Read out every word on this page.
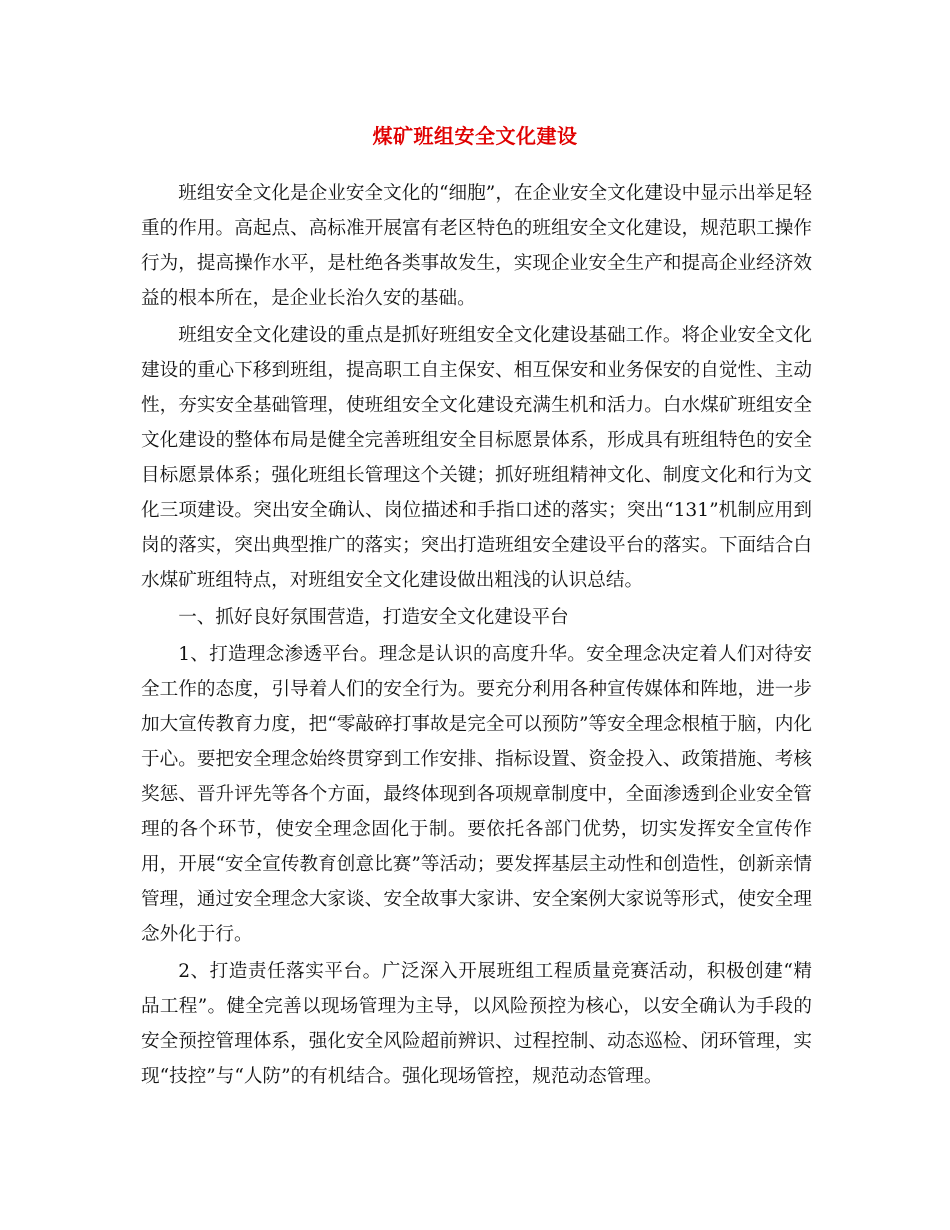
煤矿班组安全文化建设

班组安全文化是企业安全文化的“细胞”，在企业安全文化建设中显示出举足轻重的作用。高起点、高标准开展富有老区特色的班组安全文化建设，规范职工操作行为，提高操作水平，是杜绝各类事故发生，实现企业安全生产和提高企业经济效益的根本所在，是企业长治久安的基础。

班组安全文化建设的重点是抓好班组安全文化建设基础工作。将企业安全文化建设的重心下移到班组，提高职工自主保安、相互保安和业务保安的自觉性、主动性，夯实安全基础管理，使班组安全文化建设充满生机和活力。白水煤矿班组安全文化建设的整体布局是健全完善班组安全目标愿景体系，形成具有班组特色的安全目标愿景体系；强化班组长管理这个关键；抓好班组精神文化、制度文化和行为文化三项建设。突出安全确认、岗位描述和手指口述的落实；突出“131”机制应用到岗的落实，突出典型推广的落实；突出打造班组安全建设平台的落实。下面结合白水煤矿班组特点，对班组安全文化建设做出粗浅的认识总结。

一、抓好良好氛围营造，打造安全文化建设平台

1、打造理念渗透平台。理念是认识的高度升华。安全理念决定着人们对待安全工作的态度，引导着人们的安全行为。要充分利用各种宣传媒体和阵地，进一步加大宣传教育力度，把“零敲碎打事故是完全可以预防”等安全理念根植于脑，内化于心。要把安全理念始终贯穿到工作安排、指标设置、资金投入、政策措施、考核奖惩、晋升评先等各个方面，最终体现到各项规章制度中，全面渗透到企业安全管理的各个环节，使安全理念固化于制。要依托各部门优势，切实发挥安全宣传作用，开展“安全宣传教育创意比赛”等活动；要发挥基层主动性和创造性，创新亲情管理，通过安全理念大家谈、安全故事大家讲、安全案例大家说等形式，使安全理念外化于行。

2、打造责任落实平台。广泛深入开展班组工程质量竞赛活动，积极创建“精品工程”。健全完善以现场管理为主导，以风险预控为核心，以安全确认为手段的安全预控管理体系，强化安全风险超前辨识、过程控制、动态巡检、闭环管理，实现“技控”与“人防”的有机结合。强化现场管控，规范动态管理。
